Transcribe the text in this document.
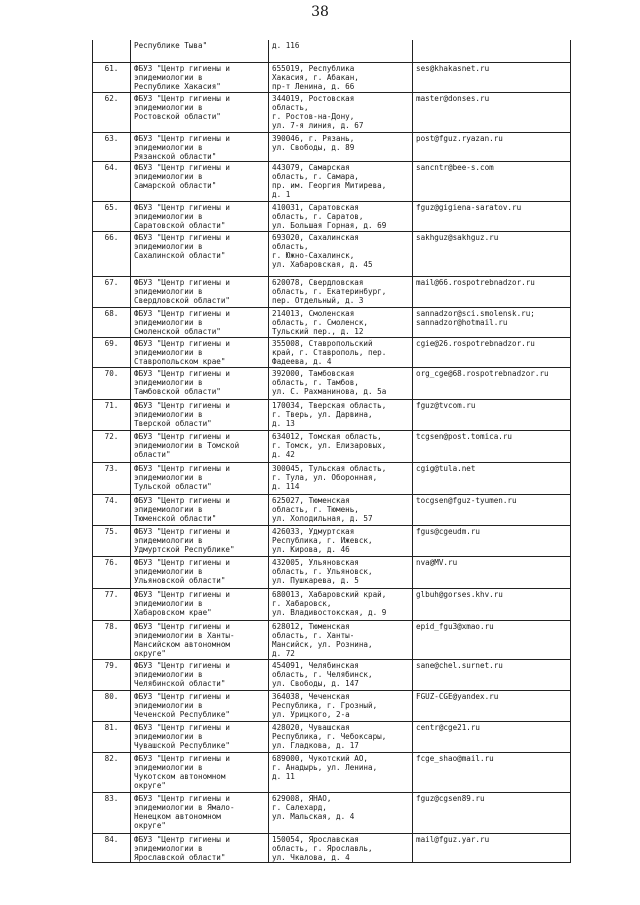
38
	Республике Тыва"	д. 116	
61.	ФБУЗ "Центр гигиены и
эпидемиологии в
Республике Хакасия"	655019, Республика
Хакасия, г. Абакан,
пр-т Ленина, д. 66	ses@khakasnet.ru
62.	ФБУЗ "Центр гигиены и
эпидемиологии в
Ростовской области"	344019, Ростовская
область,
г. Ростов-на-Дону,
ул. 7-я линия, д. 67	master@donses.ru
63.	ФБУЗ "Центр гигиены и
эпидемиологии в
Рязанской области"	390046, г. Рязань,
ул. Свободы, д. 89	post@fguz.ryazan.ru
64.	ФБУЗ "Центр гигиены и
эпидемиологии в
Самарской области"	443079, Самарская
область, г. Самара,
пр. им. Георгия Митирева,
д. 1	sancntr@bee-s.com
65.	ФБУЗ "Центр гигиены и
эпидемиологии в
Саратовской области"	410031, Саратовская
область, г. Саратов,
ул. Большая Горная, д. 69	fguz@gigiena-saratov.ru
66.	ФБУЗ "Центр гигиены и
эпидемиологии в
Сахалинской области"	693020, Сахалинская
область,
г. Южно-Сахалинск,
ул. Хабаровская, д. 45	sakhguz@sakhguz.ru
67.	ФБУЗ "Центр гигиены и
эпидемиологии в
Свердловской области"	620078, Свердловская
область, г. Екатеринбург,
пер. Отдельный, д. 3	mail@66.rospotrebnadzor.ru
68.	ФБУЗ "Центр гигиены и
эпидемиологии в
Смоленской области"	214013, Смоленская
область, г. Смоленск,
Тульский пер., д. 12	sannadzor@sci.smolensk.ru;
sannadzor@hotmail.ru
69.	ФБУЗ "Центр гигиены и
эпидемиологии в
Ставропольском крае"	355008, Ставропольский
край, г. Ставрополь, пер.
Фадеева, д. 4	cgie@26.rospotrebnadzor.ru
70.	ФБУЗ "Центр гигиены и
эпидемиологии в
Тамбовской области"	392000, Тамбовская
область, г. Тамбов,
ул. С. Рахманинова, д. 5а	org_cge@68.rospotrebnadzor.ru
71.	ФБУЗ "Центр гигиены и
эпидемиологии в
Тверской области"	170034, Тверская область,
г. Тверь, ул. Дарвина,
д. 13	fguz@tvcom.ru
72.	ФБУЗ "Центр гигиены и
эпидемиологии в Томской
области"	634012, Томская область,
г. Томск, ул. Елизаровых,
д. 42	tcgsen@post.tomica.ru
73.	ФБУЗ "Центр гигиены и
эпидемиологии в
Тульской области"	300045, Тульская область,
г. Тула, ул. Оборонная,
д. 114	cgig@tula.net
74.	ФБУЗ "Центр гигиены и
эпидемиологии в
Тюменской области"	625027, Тюменская
область, г. Тюмень,
ул. Холодильная, д. 57	tocgsen@fguz-tyumen.ru
75.	ФБУЗ "Центр гигиены и
эпидемиологии в
Удмуртской Республике"	426033, Удмуртская
Республика, г. Ижевск,
ул. Кирова, д. 46	fgus@cgeudm.ru
76.	ФБУЗ "Центр гигиены и
эпидемиологии в
Ульяновской области"	432005, Ульяновская
область, г. Ульяновск,
ул. Пушкарева, д. 5	nva@MV.ru
77.	ФБУЗ "Центр гигиены и
эпидемиологии в
Хабаровском крае"	680013, Хабаровский край,
г. Хабаровск,
ул. Владивостокская, д. 9	glbuh@gorses.khv.ru
78.	ФБУЗ "Центр гигиены и
эпидемиологии в Ханты-
Мансийском автономном
округе"	628012, Тюменская
область, г. Ханты-
Мансийск, ул. Рознина,
д. 72	epid_fgu3@xmao.ru
79.	ФБУЗ "Центр гигиены и
эпидемиологии в
Челябинской области"	454091, Челябинская
область, г. Челябинск,
ул. Свободы, д. 147	sane@chel.surnet.ru
80.	ФБУЗ "Центр гигиены и
эпидемиологии в
Чеченской Республике"	364038, Чеченская
Республика, г. Грозный,
ул. Урицкого, 2-а	FGUZ-CGE@yandex.ru
81.	ФБУЗ "Центр гигиены и
эпидемиологии в
Чувашской Республике"	428020, Чувашская
Республика, г. Чебоксары,
ул. Гладкова, д. 17	centr@cge21.ru
82.	ФБУЗ "Центр гигиены и
эпидемиологии в
Чукотском автономном
округе"	689000, Чукотский АО,
г. Анадырь, ул. Ленина,
д. 11	fcge_shao@mail.ru
83.	ФБУЗ "Центр гигиены и
эпидемиологии в Ямало-
Ненецком автономном
округе"	629008, ЯНАО,
г. Салехард,
ул. Мальская, д. 4	fguz@cgsen89.ru
84.	ФБУЗ "Центр гигиены и
эпидемиологии в
Ярославской области"	150054, Ярославская
область, г. Ярославль,
ул. Чкалова, д. 4	mail@fguz.yar.ru
